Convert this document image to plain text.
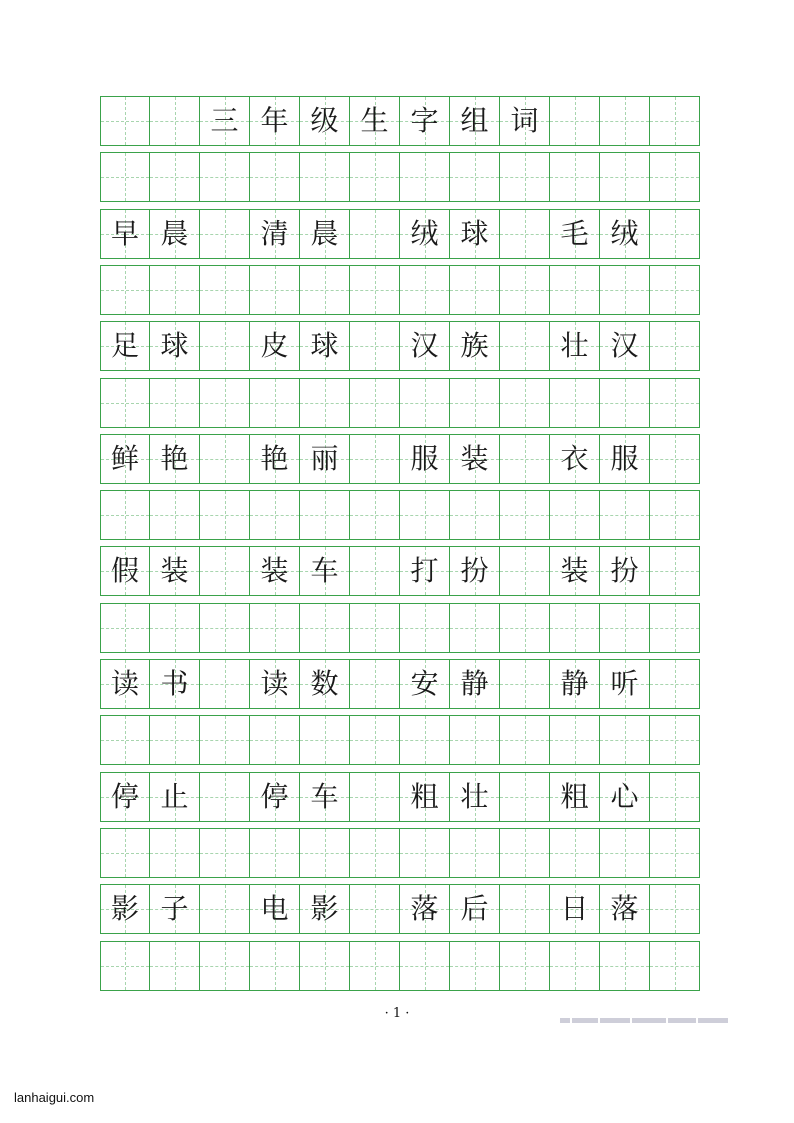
三 年 级 生 字 组 词
早 晨	清 晨	绒 球	毛 绒
足 球	皮 球	汉 族	壮 汉
鲜 艳	艳 丽	服 装	衣 服
假 装	装 车	打 扮	装 扮
读 书	读 数	安 静	静 听
停 止	停 车	粗 壮	粗 心
影 子	电 影	落 后	日 落
· 1 ·
lanhaigui.com
